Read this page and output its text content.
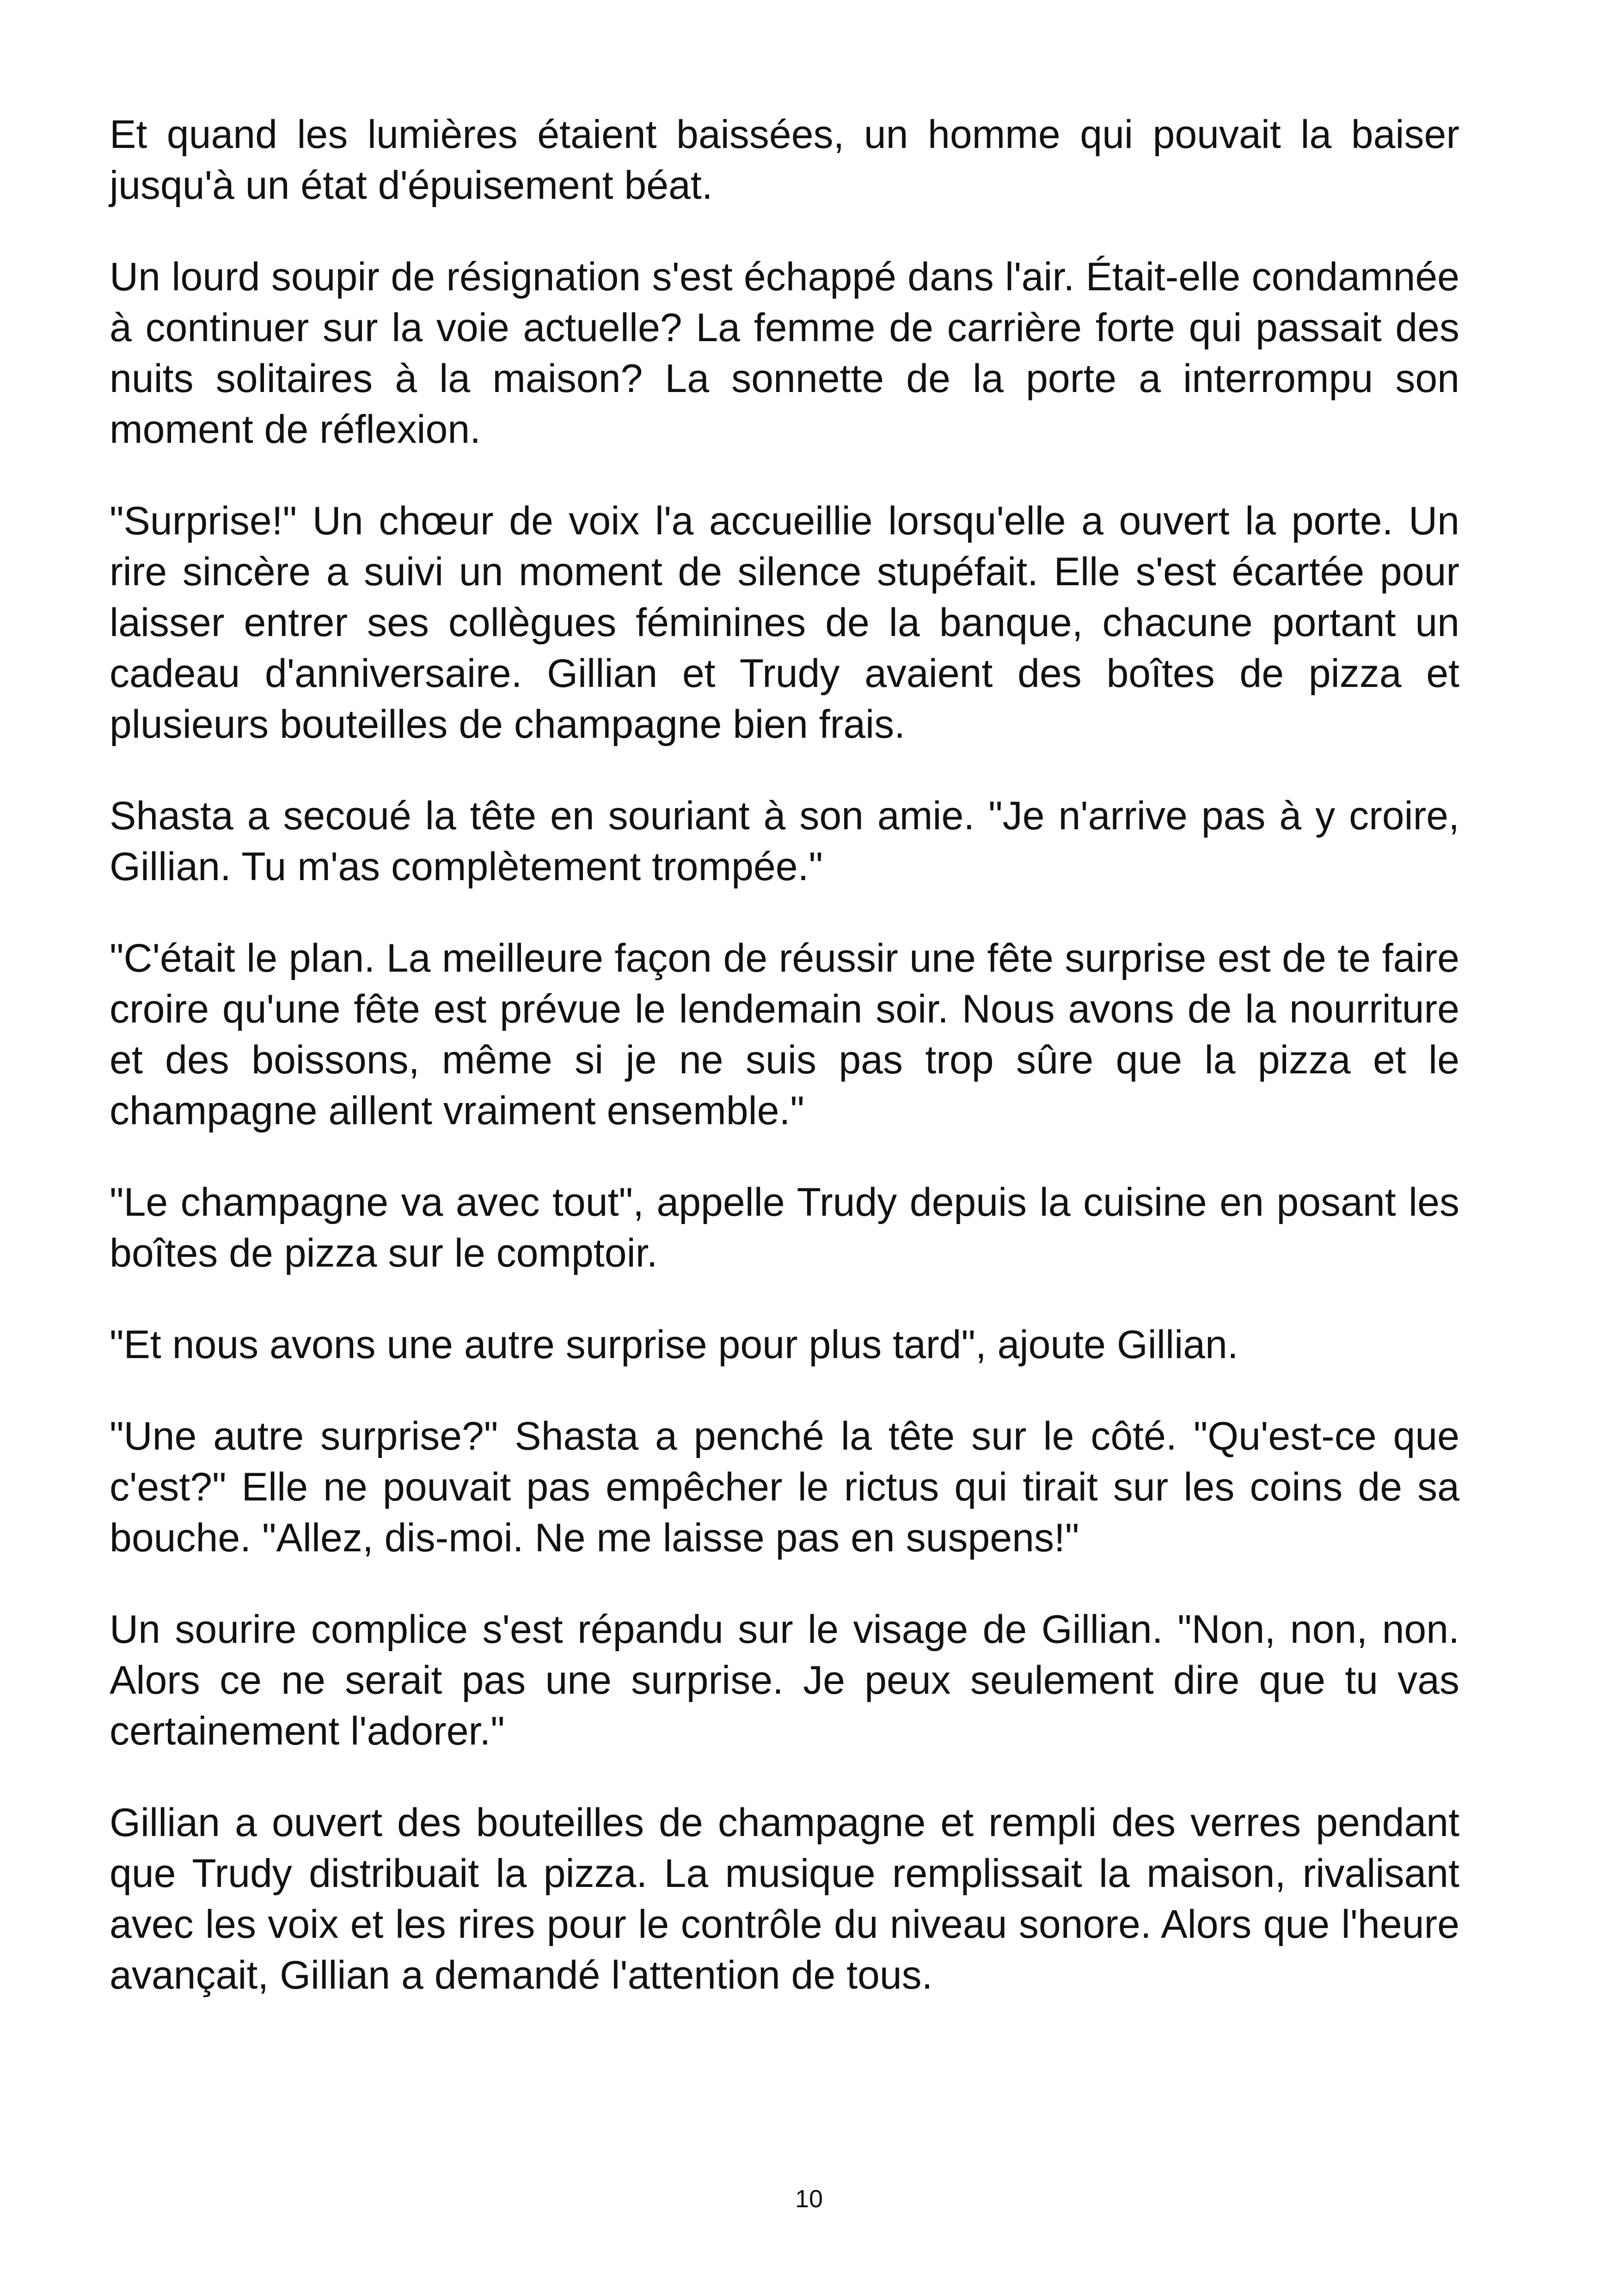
Et quand les lumières étaient baissées, un homme qui pouvait la baiser jusqu'à un état d'épuisement béat.

Un lourd soupir de résignation s'est échappé dans l'air. Était-elle condamnée à continuer sur la voie actuelle? La femme de carrière forte qui passait des nuits solitaires à la maison? La sonnette de la porte a interrompu son moment de réflexion.

"Surprise!" Un chœur de voix l'a accueillie lorsqu'elle a ouvert la porte. Un rire sincère a suivi un moment de silence stupéfait. Elle s'est écartée pour laisser entrer ses collègues féminines de la banque, chacune portant un cadeau d'anniversaire. Gillian et Trudy avaient des boîtes de pizza et plusieurs bouteilles de champagne bien frais.

Shasta a secoué la tête en souriant à son amie. "Je n'arrive pas à y croire, Gillian. Tu m'as complètement trompée."

"C'était le plan. La meilleure façon de réussir une fête surprise est de te faire croire qu'une fête est prévue le lendemain soir. Nous avons de la nourriture et des boissons, même si je ne suis pas trop sûre que la pizza et le champagne aillent vraiment ensemble."

"Le champagne va avec tout", appelle Trudy depuis la cuisine en posant les boîtes de pizza sur le comptoir.

"Et nous avons une autre surprise pour plus tard", ajoute Gillian.

"Une autre surprise?" Shasta a penché la tête sur le côté. "Qu'est-ce que c'est?" Elle ne pouvait pas empêcher le rictus qui tirait sur les coins de sa bouche. "Allez, dis-moi. Ne me laisse pas en suspens!"

Un sourire complice s'est répandu sur le visage de Gillian. "Non, non, non. Alors ce ne serait pas une surprise. Je peux seulement dire que tu vas certainement l'adorer."

Gillian a ouvert des bouteilles de champagne et rempli des verres pendant que Trudy distribuait la pizza. La musique remplissait la maison, rivalisant avec les voix et les rires pour le contrôle du niveau sonore. Alors que l'heure avançait, Gillian a demandé l'attention de tous.

10
